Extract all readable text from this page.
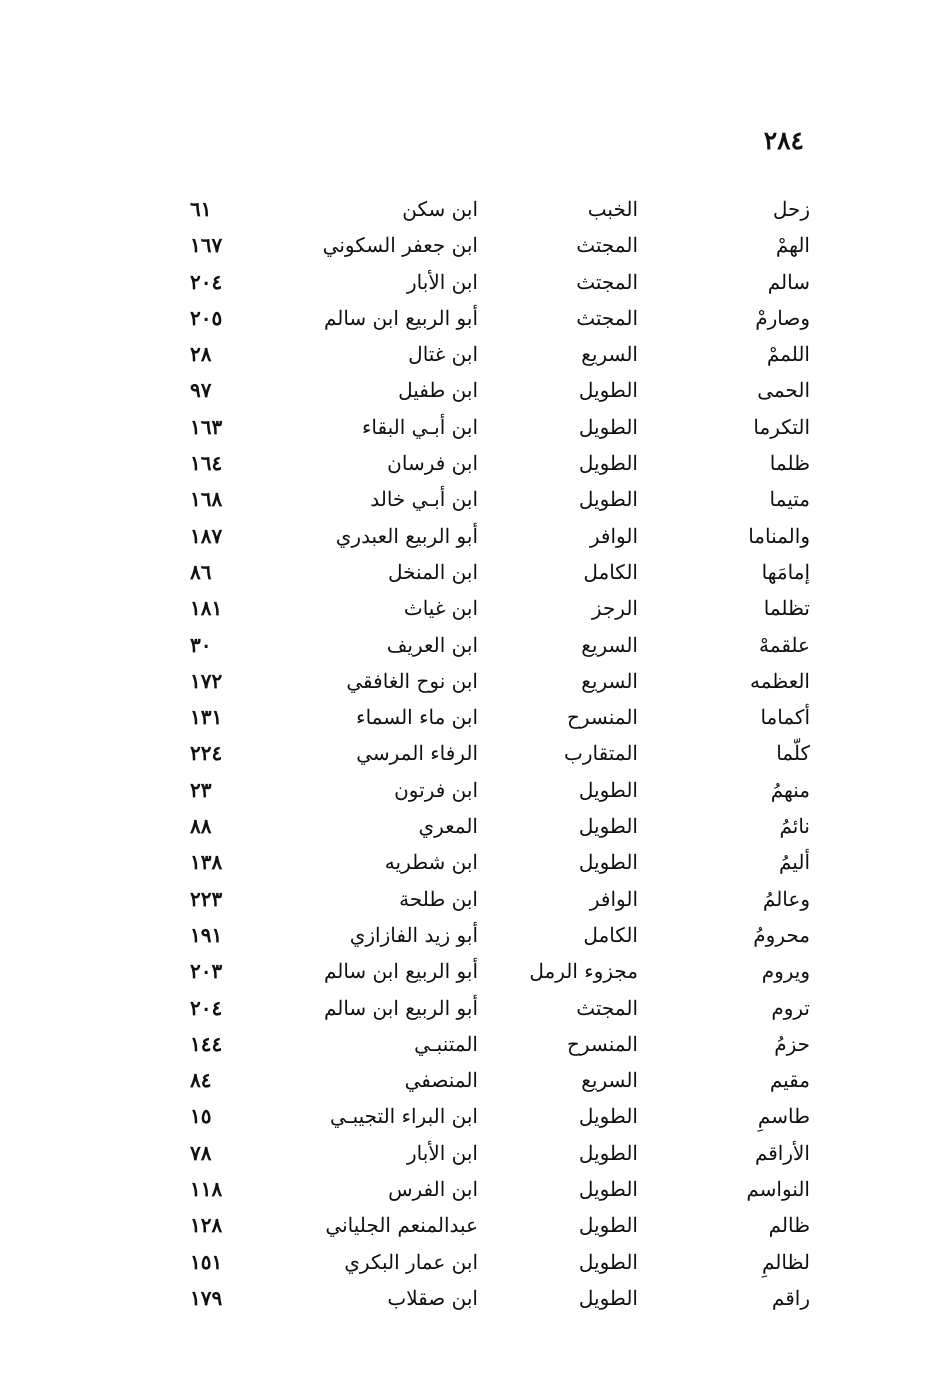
٢٨٤
زحل
الخبب
ابن سكن
٦١
الهمْ
المجتث
ابن جعفر السكوني
١٦٧
سالم
المجتث
ابن الأبار
٢٠٤
وصارمْ
المجتث
أبو الربيع ابن سالم
٢٠٥
اللممْ
السريع
ابن غتال
٢٨
الحمى
الطويل
ابن طفيل
٩٧
التكرما
الطويل
ابن أبـي البقاء
١٦٣
ظلما
الطويل
ابن فرسان
١٦٤
متيما
الطويل
ابن أبـي خالد
١٦٨
والمناما
الوافر
أبو الربيع العبدري
١٨٧
إمامَها
الكامل
ابن المنخل
٨٦
تظلما
الرجز
ابن غياث
١٨١
علقمهْ
السريع
ابن العريف
٣٠
العظمه
السريع
ابن نوح الغافقي
١٧٢
أكماما
المنسرح
ابن ماء السماء
١٣١
كلّما
المتقارب
الرفاء المرسي
٢٢٤
منهمُ
الطويل
ابن فرتون
٢٣
نائمُ
الطويل
المعري
٨٨
أليمُ
الطويل
ابن شطريه
١٣٨
وعالمُ
الوافر
ابن طلحة
٢٢٣
محرومُ
الكامل
أبو زيد الفازازي
١٩١
ويروم
مجزوء الرمل
أبو الربيع ابن سالم
٢٠٣
تروم
المجتث
أبو الربيع ابن سالم
٢٠٤
حزمُ
المنسرح
المتنبـي
١٤٤
مقيم
السريع
المنصفي
٨٤
طاسمِ
الطويل
ابن البراء التجيبـي
١٥
الأراقم
الطويل
ابن الأبار
٧٨
النواسم
الطويل
ابن الفرس
١١٨
ظالم
الطويل
عبدالمنعم الجلياني
١٢٨
لظالمِ
الطويل
ابن عمار البكري
١٥١
راقم
الطويل
ابن صقلاب
١٧٩
